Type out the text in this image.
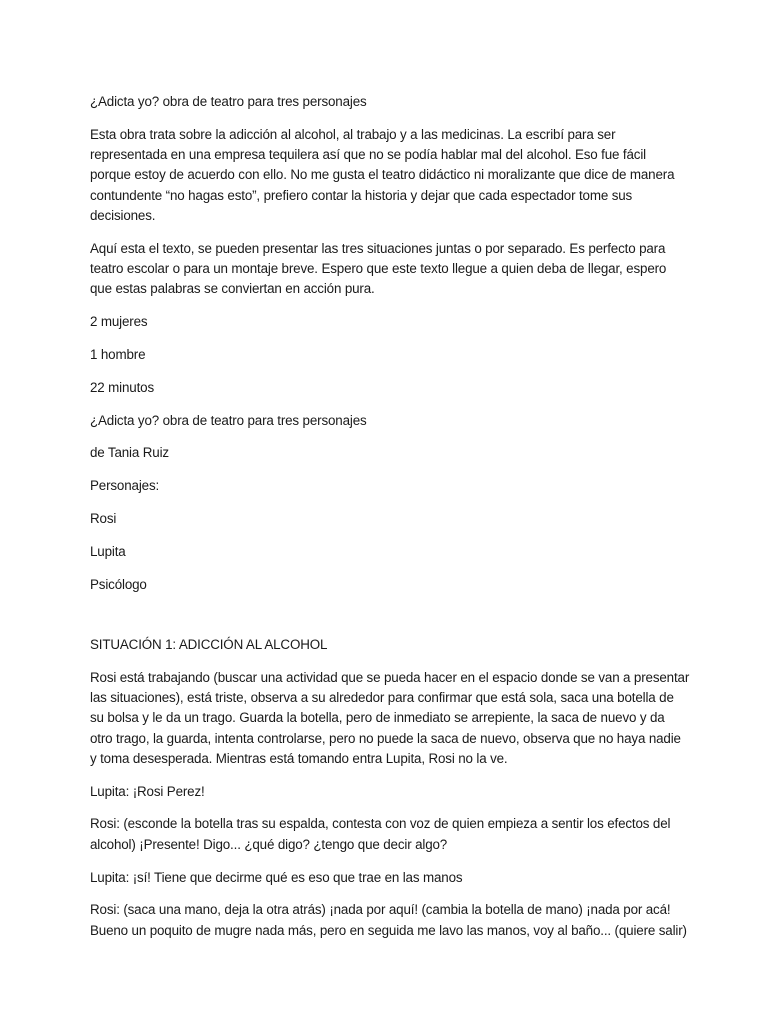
¿Adicta yo? obra de teatro para tres personajes

Esta obra trata sobre la adicción al alcohol, al trabajo y a las medicinas. La escribí para ser representada en una empresa tequilera así que no se podía hablar mal del alcohol. Eso fue fácil porque estoy de acuerdo con ello. No me gusta el teatro didáctico ni moralizante que dice de manera contundente “no hagas esto”, prefiero contar la historia y dejar que cada espectador tome sus decisiones.

Aquí esta el texto, se pueden presentar las tres situaciones juntas o por separado. Es perfecto para teatro escolar o para un montaje breve. Espero que este texto llegue a quien deba de llegar, espero que estas palabras se conviertan en acción pura.

2 mujeres

1 hombre

22 minutos

¿Adicta yo? obra de teatro para tres personajes

de Tania Ruiz

Personajes:

Rosi

Lupita

Psicólogo

SITUACIÓN 1: ADICCIÓN AL ALCOHOL

Rosi está trabajando (buscar una actividad que se pueda hacer en el espacio donde se van a presentar las situaciones), está triste, observa a su alrededor para confirmar que está sola, saca una botella de su bolsa y le da un trago. Guarda la botella, pero de inmediato se arrepiente, la saca de nuevo y da otro trago, la guarda, intenta controlarse, pero no puede la saca de nuevo, observa que no haya nadie y toma desesperada. Mientras está tomando entra Lupita, Rosi no la ve.

Lupita: ¡Rosi Perez!

Rosi: (esconde la botella tras su espalda, contesta con voz de quien empieza a sentir los efectos del alcohol) ¡Presente! Digo... ¿qué digo? ¿tengo que decir algo?

Lupita: ¡sí! Tiene que decirme qué es eso que trae en las manos

Rosi: (saca una mano, deja la otra atrás) ¡nada por aquí! (cambia la botella de mano) ¡nada por acá! Bueno un poquito de mugre nada más, pero en seguida me lavo las manos, voy al baño... (quiere salir)
